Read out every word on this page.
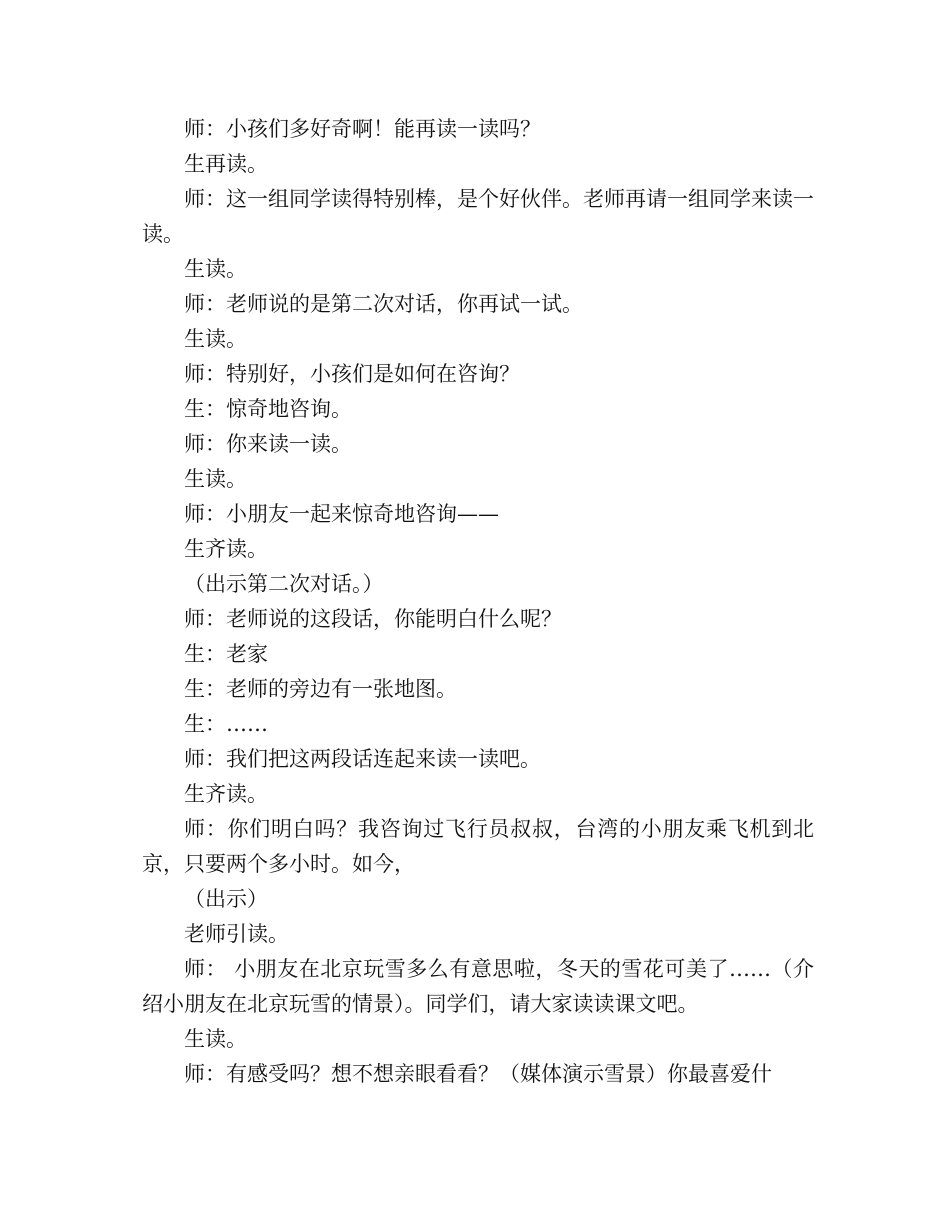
师：小孩们多好奇啊！能再读一读吗？

生再读。

师：这一组同学读得特别棒，是个好伙伴。老师再请一组同学来读一读。

生读。

师：老师说的是第二次对话，你再试一试。

生读。

师：特别好，小孩们是如何在咨询？

生：惊奇地咨询。

师：你来读一读。

生读。

师：小朋友一起来惊奇地咨询——

生齐读。

（出示第二次对话。）

师：老师说的这段话，你能明白什么呢？

生：老家

生：老师的旁边有一张地图。

生：……

师：我们把这两段话连起来读一读吧。

生齐读。

师：你们明白吗？我咨询过飞行员叔叔，台湾的小朋友乘飞机到北京，只要两个多小时。如今，

（出示）

老师引读。

师： 小朋友在北京玩雪多么有意思啦，冬天的雪花可美了……（介绍小朋友在北京玩雪的情景）。同学们，请大家读读课文吧。

生读。

师：有感受吗？想不想亲眼看看？（媒体演示雪景）你最喜爱什
